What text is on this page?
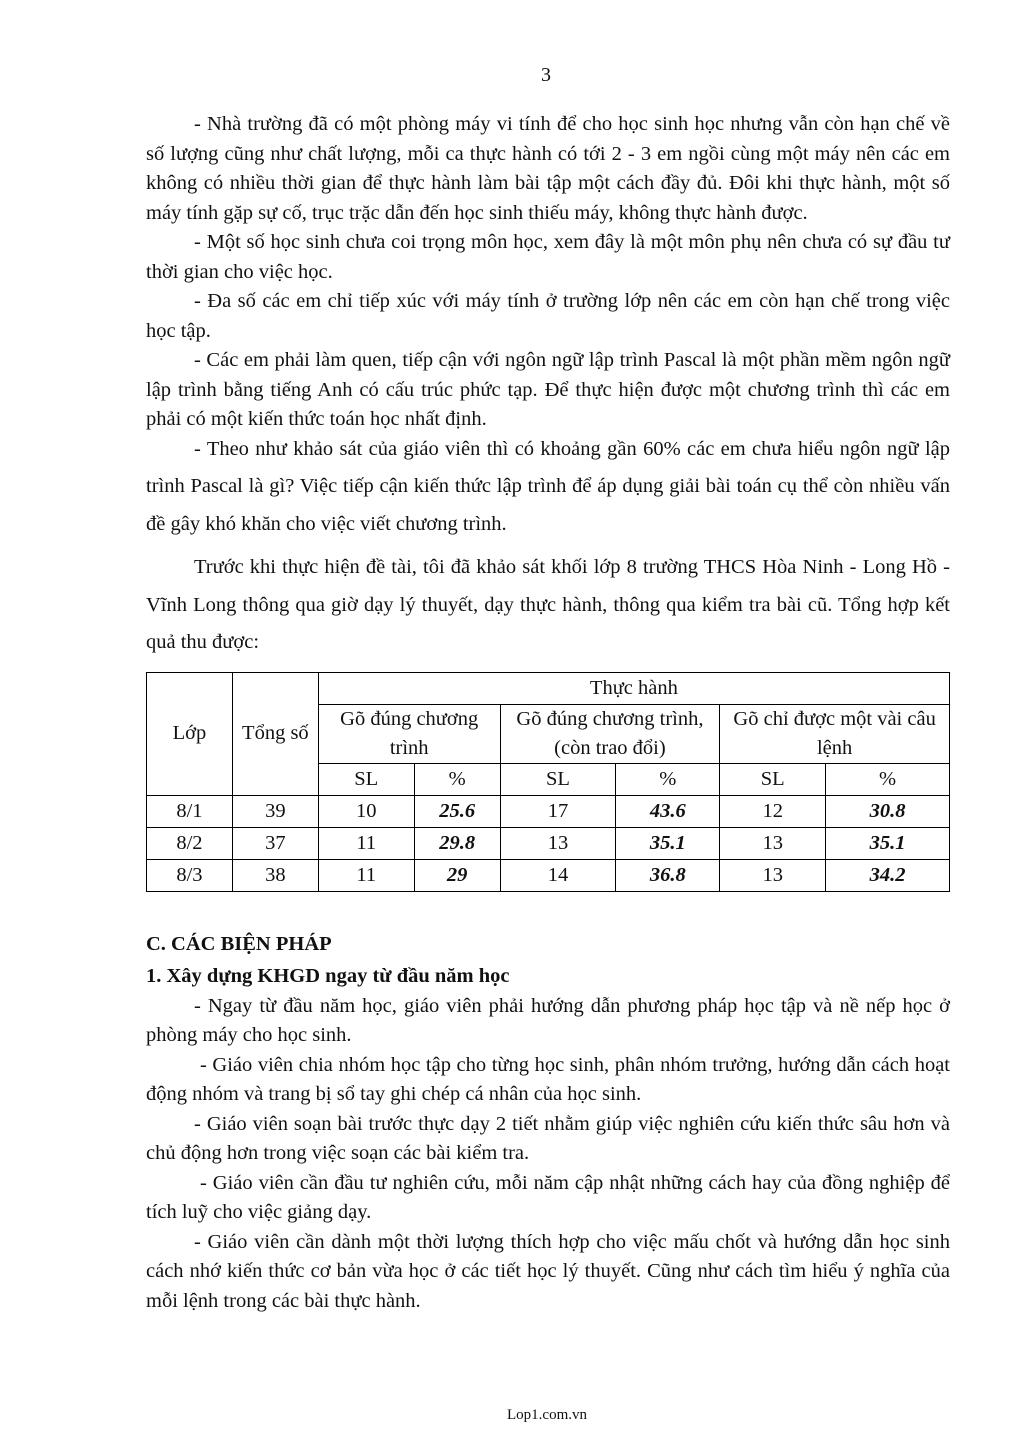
3

- Nhà trường đã có một phòng máy vi tính để cho học sinh học nhưng vẫn còn hạn chế về số lượng cũng như chất lượng, mỗi ca thực hành có tới 2 - 3 em ngồi cùng một máy nên các em không có nhiều thời gian để thực hành làm bài tập một cách đầy đủ. Đôi khi thực hành, một số máy tính gặp sự cố, trục trặc dẫn đến học sinh thiếu máy, không thực hành được.

- Một số học sinh chưa coi trọng môn học, xem đây là một môn phụ nên chưa có sự đầu tư thời gian cho việc học.

- Đa số các em chỉ tiếp xúc với máy tính ở trường lớp nên các em còn hạn chế trong việc học tập.

- Các em phải làm quen, tiếp cận với ngôn ngữ lập trình Pascal là một phần mềm ngôn ngữ lập trình bằng tiếng Anh có cấu trúc phức tạp. Để thực hiện được một chương trình thì các em phải có một kiến thức toán học nhất định.

- Theo như khảo sát của giáo viên thì có khoảng gần 60% các em chưa hiểu ngôn ngữ lập trình Pascal là gì? Việc tiếp cận kiến thức lập trình để áp dụng giải bài toán cụ thể còn nhiều vấn đề gây khó khăn cho việc viết chương trình.

Trước khi thực hiện đề tài, tôi đã khảo sát khối lớp 8 trường THCS Hòa Ninh - Long Hồ - Vĩnh Long thông qua giờ dạy lý thuyết, dạy thực hành, thông qua kiểm tra bài cũ. Tổng hợp kết quả thu được:

Lớp	Tổng số	Thực hành					
		Gõ đúng chương trình		Gõ đúng chương trình, (còn trao đổi)		Gõ chỉ được một vài câu lệnh	
		SL	%	SL	%	SL	%
8/1	39	10	25.6	17	43.6	12	30.8
8/2	37	11	29.8	13	35.1	13	35.1
8/3	38	11	29	14	36.8	13	34.2

C. CÁC BIỆN PHÁP

1. Xây dựng KHGD ngay từ đầu năm học

- Ngay từ đầu năm học, giáo viên phải hướng dẫn phương pháp học tập và nề nếp học ở phòng máy cho học sinh.

- Giáo viên chia nhóm học tập cho từng học sinh, phân nhóm trưởng, hướng dẫn cách hoạt động nhóm và trang bị sổ tay ghi chép cá nhân của học sinh.

- Giáo viên soạn bài trước thực dạy 2 tiết nhằm giúp việc nghiên cứu kiến thức sâu hơn và chủ động hơn trong việc soạn các bài kiểm tra.

- Giáo viên cần đầu tư nghiên cứu, mỗi năm cập nhật những cách hay của đồng nghiệp để tích luỹ cho việc giảng dạy.

- Giáo viên cần dành một thời lượng thích hợp cho việc mấu chốt và hướng dẫn học sinh cách nhớ kiến thức cơ bản vừa học ở các tiết học lý thuyết. Cũng như cách tìm hiểu ý nghĩa của mỗi lệnh trong các bài thực hành.

Lop1.com.vn
